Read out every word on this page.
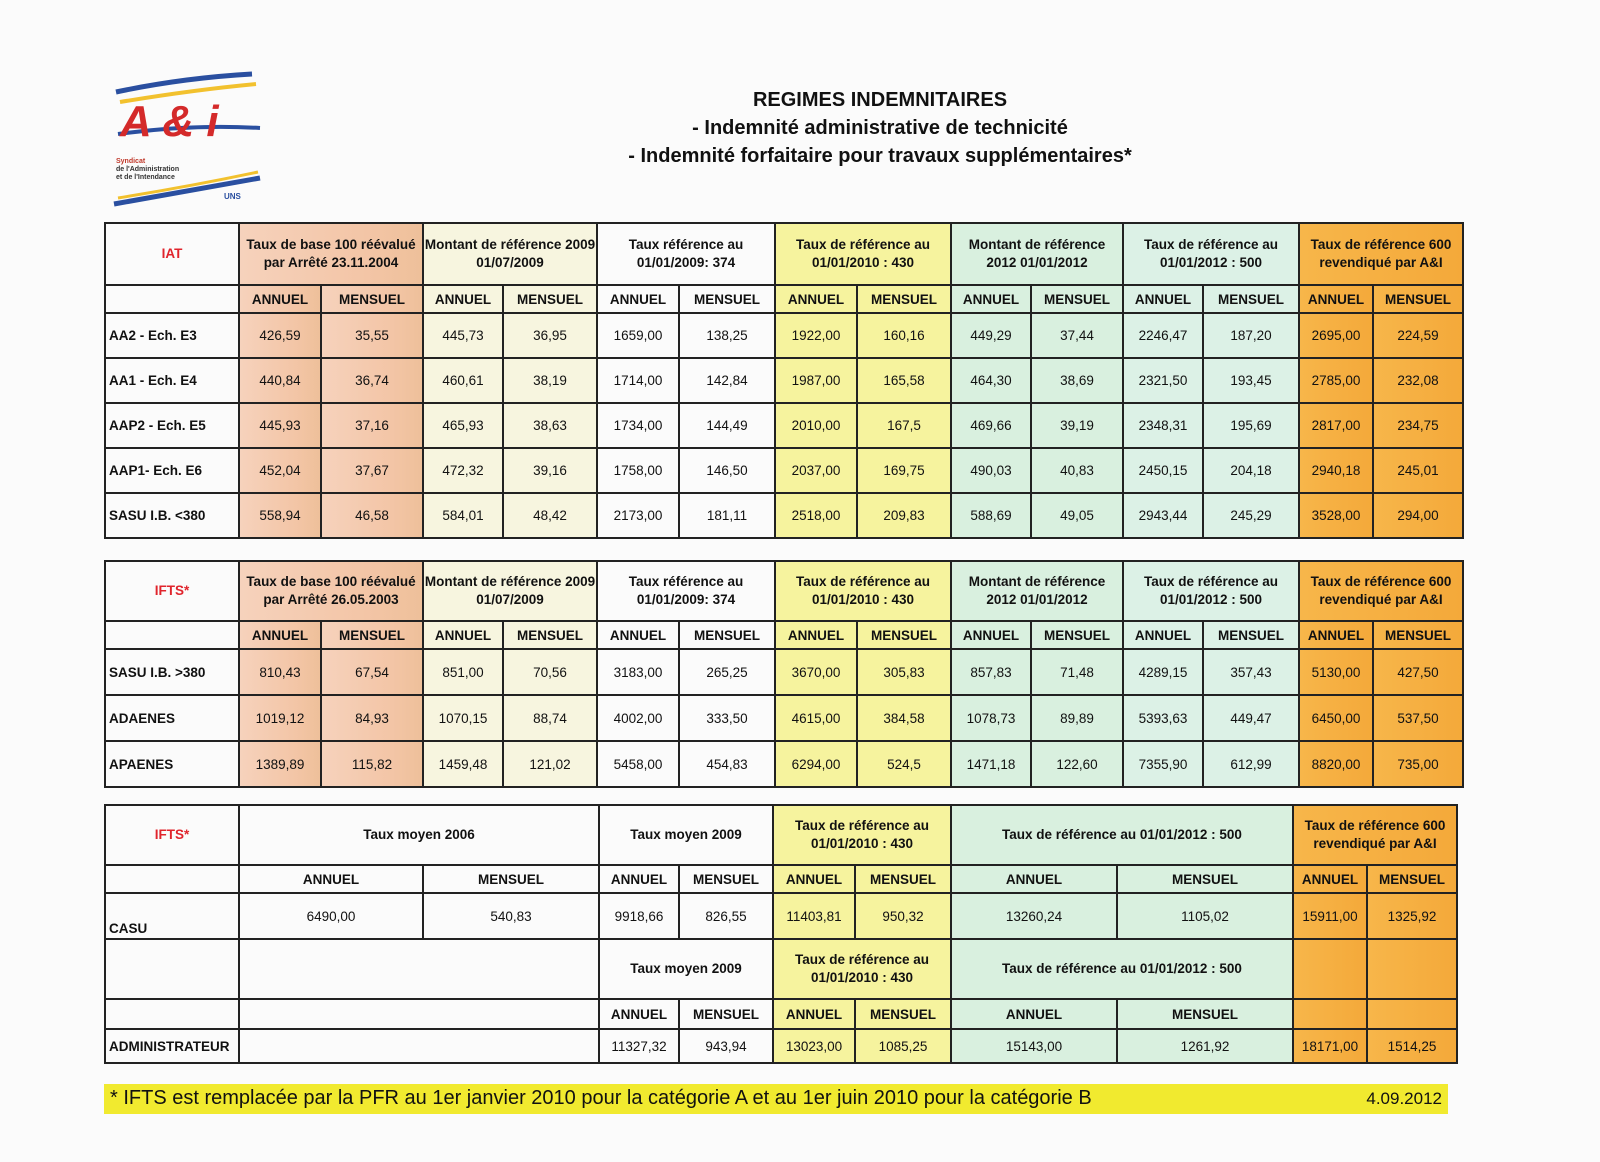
A & i
Syndicat
de l'Administration
et de l'Intendance
UNS
REGIMES INDEMNITAIRES
- Indemnité administrative de technicité
- Indemnité forfaitaire pour travaux supplémentaires*
IAT	Taux de base 100 réévalué par Arrêté 23.11.2004		Montant de référence 2009 01/07/2009		Taux référence au 01/01/2009: 374		Taux de référence au 01/01/2010 : 430		Montant de référence 2012 01/01/2012		Taux de référence au 01/01/2012 : 500		Taux de référence 600 revendiqué par A&I	
	ANNUEL	MENSUEL	ANNUEL	MENSUEL	ANNUEL	MENSUEL	ANNUEL	MENSUEL	ANNUEL	MENSUEL	ANNUEL	MENSUEL	ANNUEL	MENSUEL
AA2 - Ech. E3	426,59	35,55	445,73	36,95	1659,00	138,25	1922,00	160,16	449,29	37,44	2246,47	187,20	2695,00	224,59
AA1 - Ech. E4	440,84	36,74	460,61	38,19	1714,00	142,84	1987,00	165,58	464,30	38,69	2321,50	193,45	2785,00	232,08
AAP2 - Ech. E5	445,93	37,16	465,93	38,63	1734,00	144,49	2010,00	167,5	469,66	39,19	2348,31	195,69	2817,00	234,75
AAP1- Ech. E6	452,04	37,67	472,32	39,16	1758,00	146,50	2037,00	169,75	490,03	40,83	2450,15	204,18	2940,18	245,01
SASU I.B. <380	558,94	46,58	584,01	48,42	2173,00	181,11	2518,00	209,83	588,69	49,05	2943,44	245,29	3528,00	294,00
IFTS*	Taux de base 100 réévalué par Arrêté 26.05.2003		Montant de référence 2009 01/07/2009		Taux référence au 01/01/2009: 374		Taux de référence au 01/01/2010 : 430		Montant de référence 2012 01/01/2012		Taux de référence au 01/01/2012 : 500		Taux de référence 600 revendiqué par A&I	
	ANNUEL	MENSUEL	ANNUEL	MENSUEL	ANNUEL	MENSUEL	ANNUEL	MENSUEL	ANNUEL	MENSUEL	ANNUEL	MENSUEL	ANNUEL	MENSUEL
SASU I.B. >380	810,43	67,54	851,00	70,56	3183,00	265,25	3670,00	305,83	857,83	71,48	4289,15	357,43	5130,00	427,50
ADAENES	1019,12	84,93	1070,15	88,74	4002,00	333,50	4615,00	384,58	1078,73	89,89	5393,63	449,47	6450,00	537,50
APAENES	1389,89	115,82	1459,48	121,02	5458,00	454,83	6294,00	524,5	1471,18	122,60	7355,90	612,99	8820,00	735,00
IFTS*	Taux moyen 2006		Taux moyen 2009		Taux de référence au 01/01/2010 : 430		Taux de référence au 01/01/2012 : 500		Taux de référence 600 revendiqué par A&I	
	ANNUEL	MENSUEL	ANNUEL	MENSUEL	ANNUEL	MENSUEL	ANNUEL	MENSUEL	ANNUEL	MENSUEL
CASU	6490,00	540,83	9918,66	826,55	11403,81	950,32	13260,24	1105,02	15911,00	1325,92
			Taux moyen 2009		Taux de référence au 01/01/2010 : 430		Taux de référence au 01/01/2012 : 500			
			ANNUEL	MENSUEL	ANNUEL	MENSUEL	ANNUEL	MENSUEL		
ADMINISTRATEUR			11327,32	943,94	13023,00	1085,25	15143,00	1261,92	18171,00	1514,25
* IFTS est remplacée par la PFR au 1er janvier 2010 pour la catégorie A et au 1er juin 2010 pour la catégorie B	4.09.2012
